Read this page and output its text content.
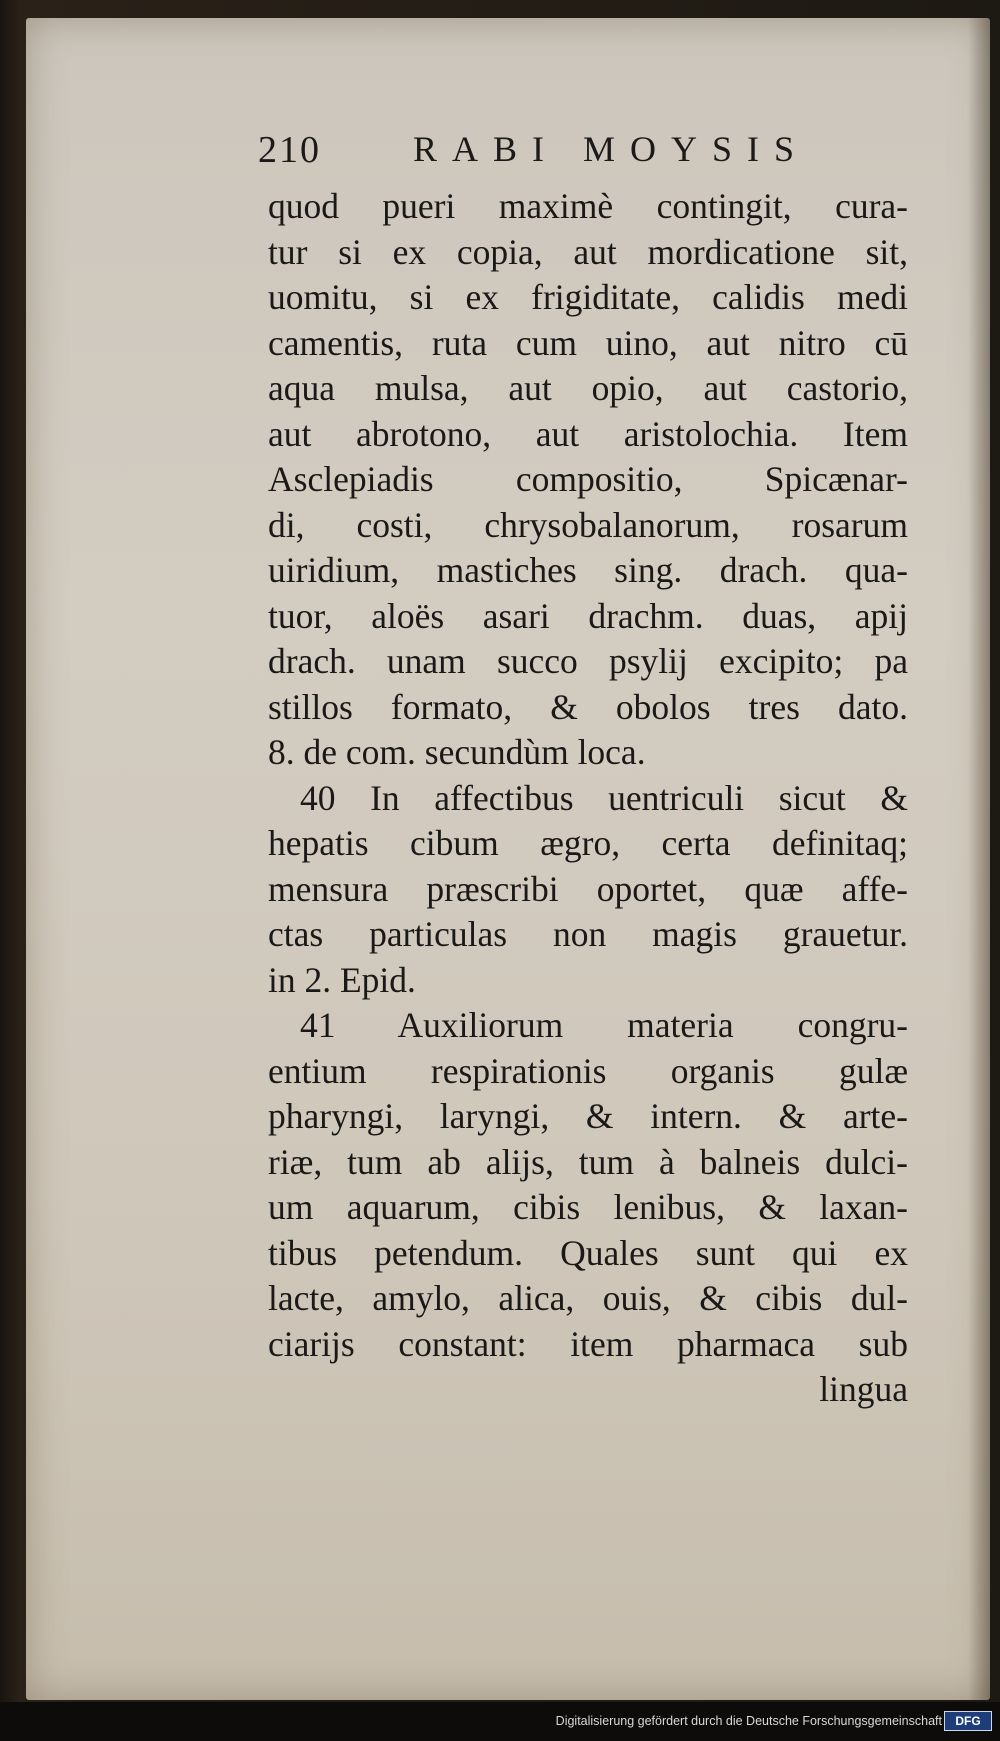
210	RABI MOYSIS
quod pueri maximè contingit, cura-
tur si ex copia, aut mordicatione sit,
uomitu, si ex frigiditate, calidis medi
camentis, ruta cum uino, aut nitro cū
aqua mulsa, aut opio, aut castorio,
aut abrotono, aut aristolochia. Item
Asclepiadis compositio, Spicænar-
di, costi, chrysobalanorum, rosarum
uiridium, mastiches sing. drach. qua-
tuor, aloës asari drachm. duas, apij
drach. unam succo psylij excipito; pa
stillos formato, & obolos tres dato.
8. de com. secundùm loca.
40 In affectibus uentriculi sicut &
hepatis cibum ægro, certa definitaq;
mensura præscribi oportet, quæ affe-
ctas particulas non magis grauetur.
in 2. Epid.
41 Auxiliorum materia congru-
entium respirationis organis gulæ
pharyngi, laryngi, & intern. & arte-
riæ, tum ab alijs, tum à balneis dulci-
um aquarum, cibis lenibus, & laxan-
tibus petendum. Quales sunt qui ex
lacte, amylo, alica, ouis, & cibis dul-
ciarijs constant: item pharmaca sub
lingua
Digitalisierung gefördert durch die Deutsche Forschungsgemeinschaft	DFG
